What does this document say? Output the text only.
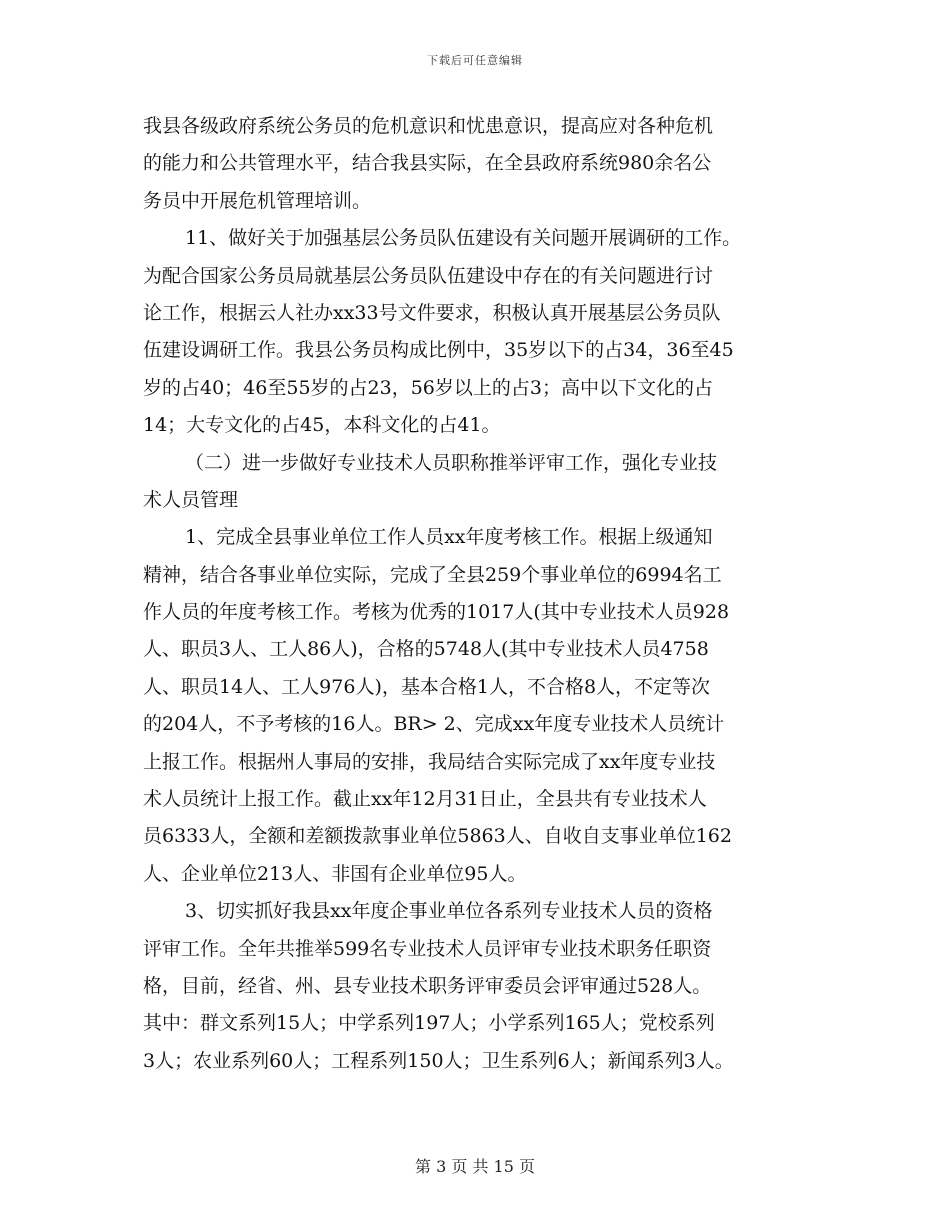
下载后可任意编辑
我县各级政府系统公务员的危机意识和忧患意识，提高应对各种危机
的能力和公共管理水平，结合我县实际，在全县政府系统980余名公
务员中开展危机管理培训。
11、做好关于加强基层公务员队伍建设有关问题开展调研的工作。
为配合国家公务员局就基层公务员队伍建设中存在的有关问题进行讨
论工作，根据云人社办xx33号文件要求，积极认真开展基层公务员队
伍建设调研工作。我县公务员构成比例中，35岁以下的占34，36至45
岁的占40；46至55岁的占23，56岁以上的占3；高中以下文化的占
14；大专文化的占45，本科文化的占41。
（二）进一步做好专业技术人员职称推举评审工作，强化专业技
术人员管理
1、完成全县事业单位工作人员xx年度考核工作。根据上级通知
精神，结合各事业单位实际，完成了全县259个事业单位的6994名工
作人员的年度考核工作。考核为优秀的1017人(其中专业技术人员928
人、职员3人、工人86人)，合格的5748人(其中专业技术人员4758
人、职员14人、工人976人)，基本合格1人，不合格8人，不定等次
的204人，不予考核的16人。BR> 2、完成xx年度专业技术人员统计
上报工作。根据州人事局的安排，我局结合实际完成了xx年度专业技
术人员统计上报工作。截止xx年12月31日止，全县共有专业技术人
员6333人，全额和差额拨款事业单位5863人、自收自支事业单位162
人、企业单位213人、非国有企业单位95人。
3、切实抓好我县xx年度企事业单位各系列专业技术人员的资格
评审工作。全年共推举599名专业技术人员评审专业技术职务任职资
格，目前，经省、州、县专业技术职务评审委员会评审通过528人。
其中：群文系列15人；中学系列197人；小学系列165人；党校系列
3人；农业系列60人；工程系列150人；卫生系列6人；新闻系列3人。
第 3 页 共 15 页
